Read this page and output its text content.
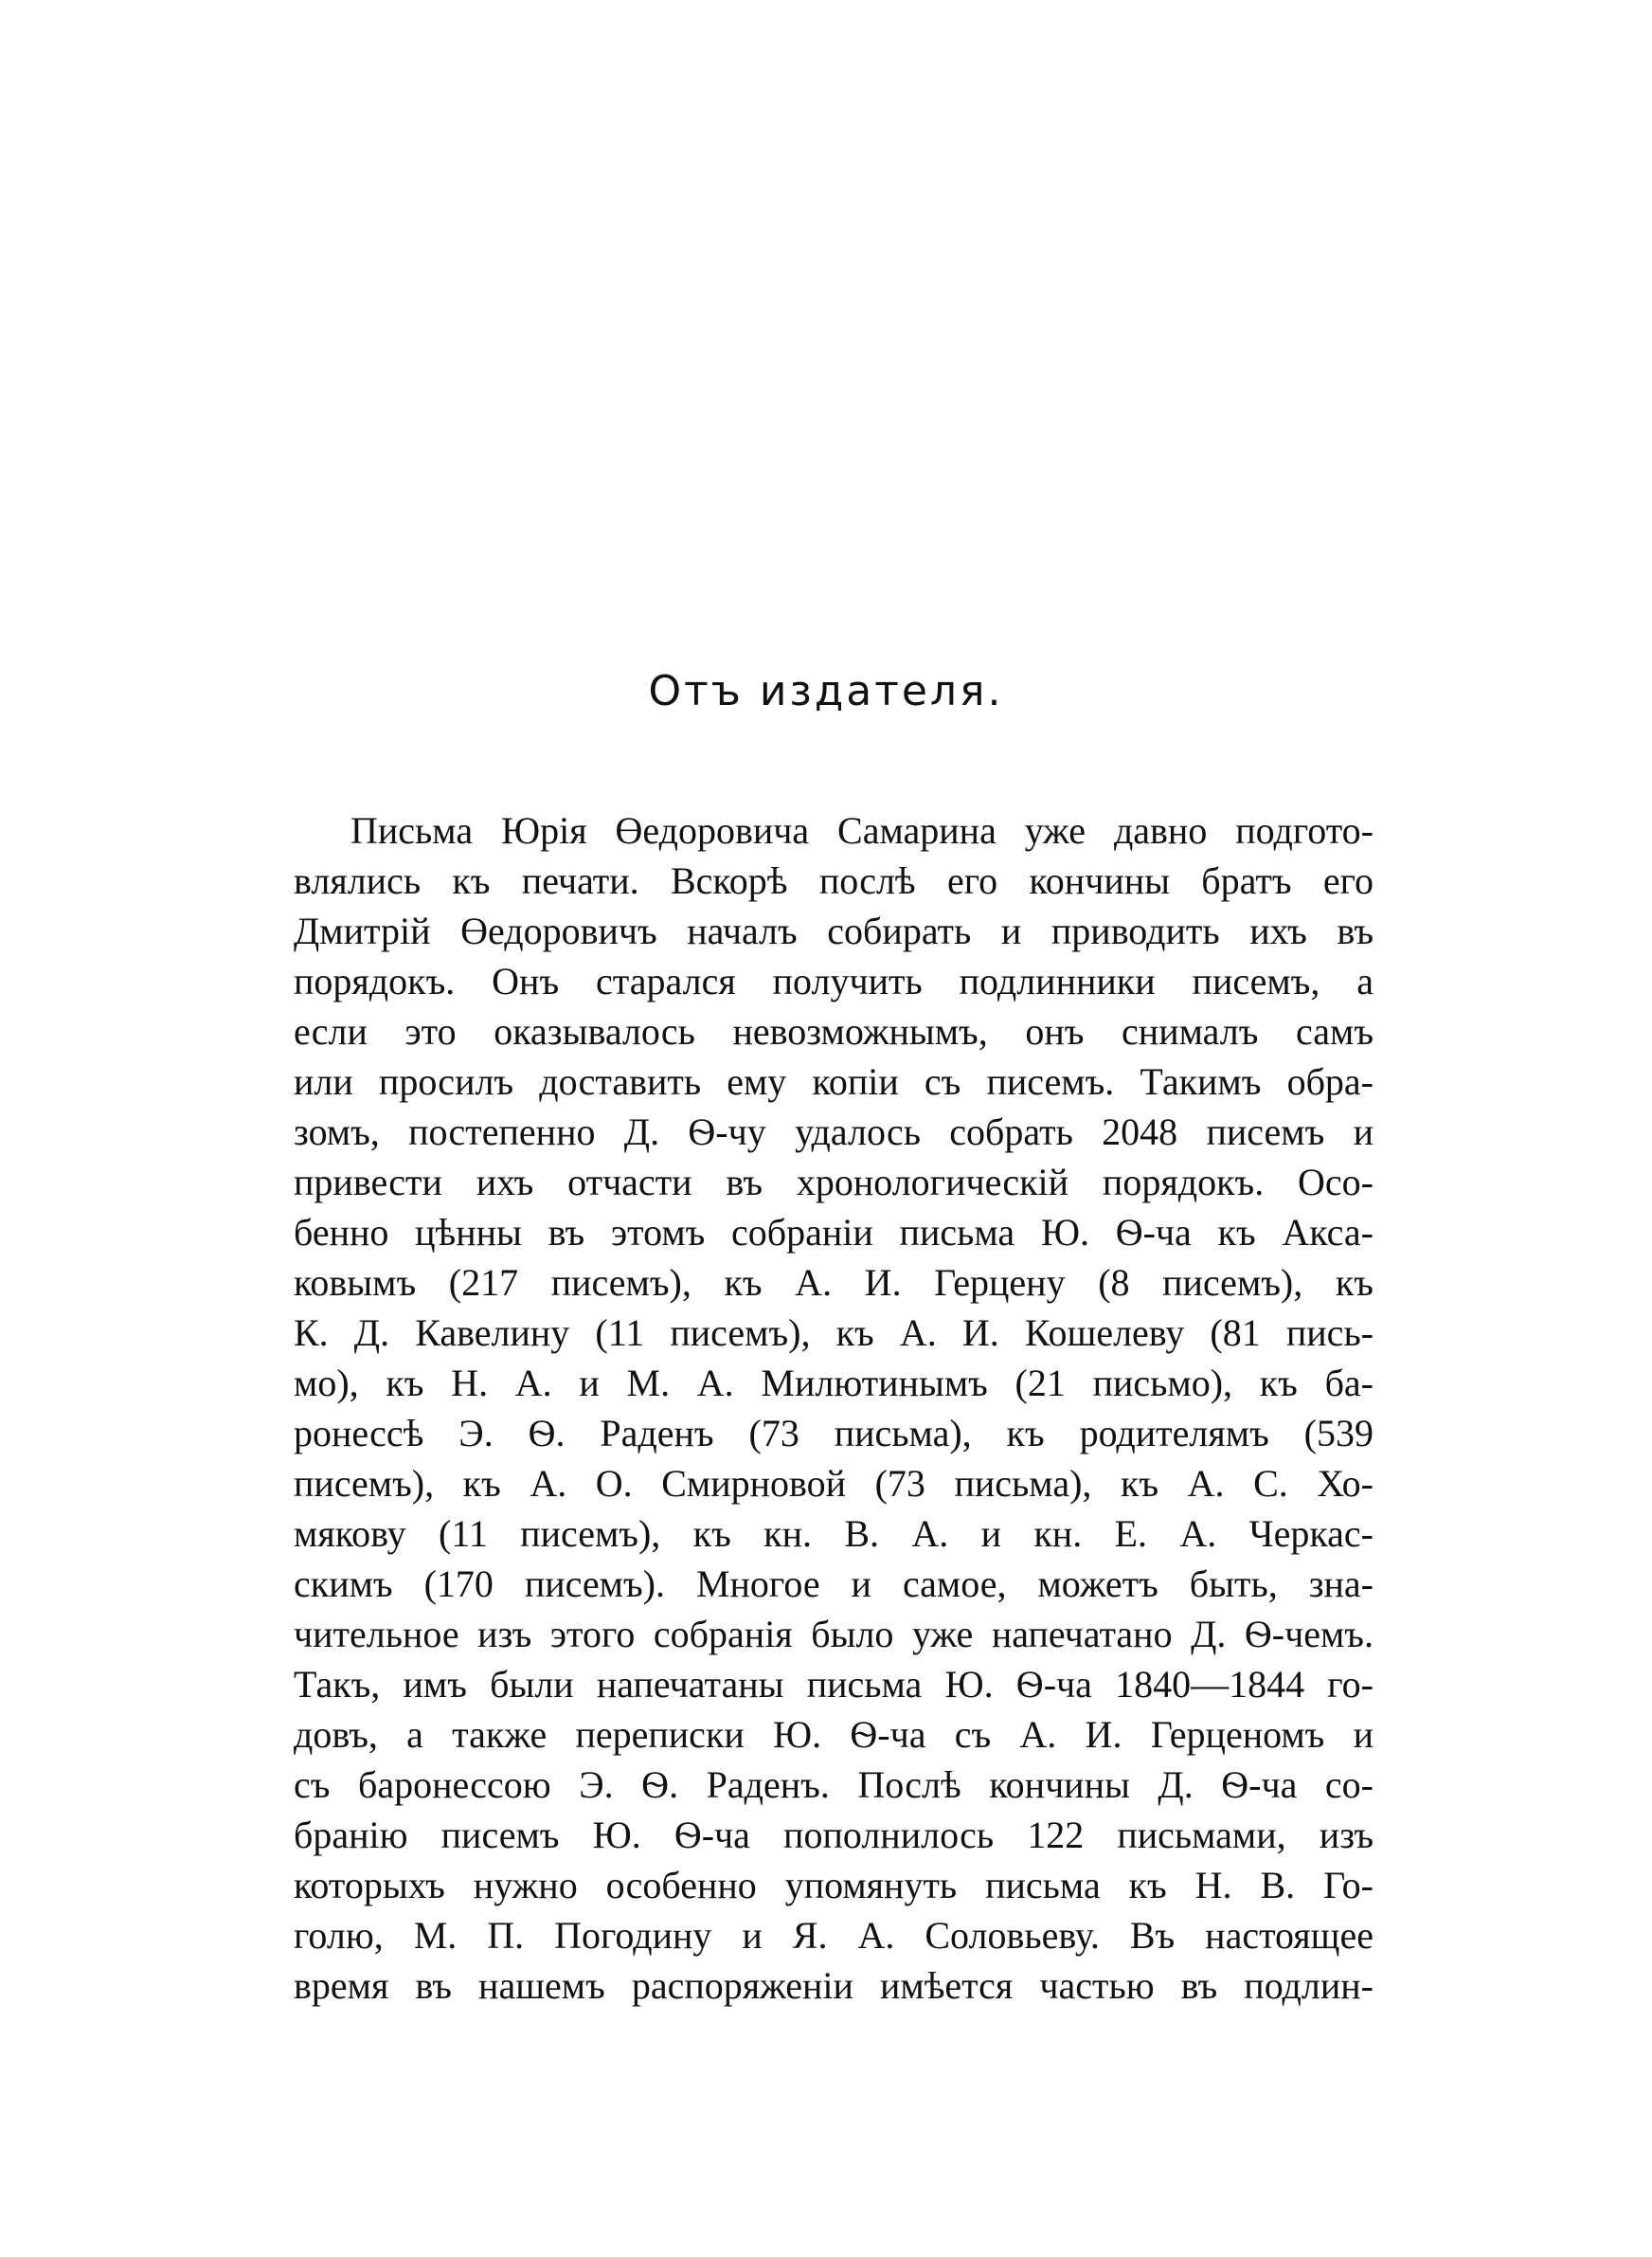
Отъ издателя.
Письма Юрія Өедоровича Самарина уже давно подгото-
влялись къ печати. Вскорѣ послѣ его кончины братъ его
Дмитрій Өедоровичъ началъ собирать и приводить ихъ въ
порядокъ. Онъ старался получить подлинники писемъ, а
если это оказывалось невозможнымъ, онъ снималъ самъ
или просилъ доставить ему копіи съ писемъ. Такимъ обра-
зомъ, постепенно Д. Ѳ-чу удалось собрать 2048 писемъ и
привести ихъ отчасти въ хронологическій порядокъ. Осо-
бенно цѣнны въ этомъ собраніи письма Ю. Ѳ-ча къ Акса-
ковымъ (217 писемъ), къ А. И. Герцену (8 писемъ), къ
К. Д. Кавелину (11 писемъ), къ А. И. Кошелеву (81 пись-
мо), къ Н. А. и М. А. Милютинымъ (21 письмо), къ ба-
ронессѣ Э. Ѳ. Раденъ (73 письма), къ родителямъ (539
писемъ), къ А. О. Смирновой (73 письма), къ А. С. Хо-
мякову (11 писемъ), къ кн. В. А. и кн. Е. А. Черкас-
скимъ (170 писемъ). Многое и самое, можетъ быть, зна-
чительное изъ этого собранія было уже напечатано Д. Ѳ-чемъ.
Такъ, имъ были напечатаны письма Ю. Ѳ-ча 1840—1844 го-
довъ, а также переписки Ю. Ѳ-ча съ А. И. Герценомъ и
съ баронессою Э. Ѳ. Раденъ. Послѣ кончины Д. Ѳ-ча со-
бранію писемъ Ю. Ѳ-ча пополнилось 122 письмами, изъ
которыхъ нужно особенно упомянуть письма къ Н. В. Го-
голю, М. П. Погодину и Я. А. Соловьеву. Въ настоящее
время въ нашемъ распоряженіи имѣется частью въ подлин-
